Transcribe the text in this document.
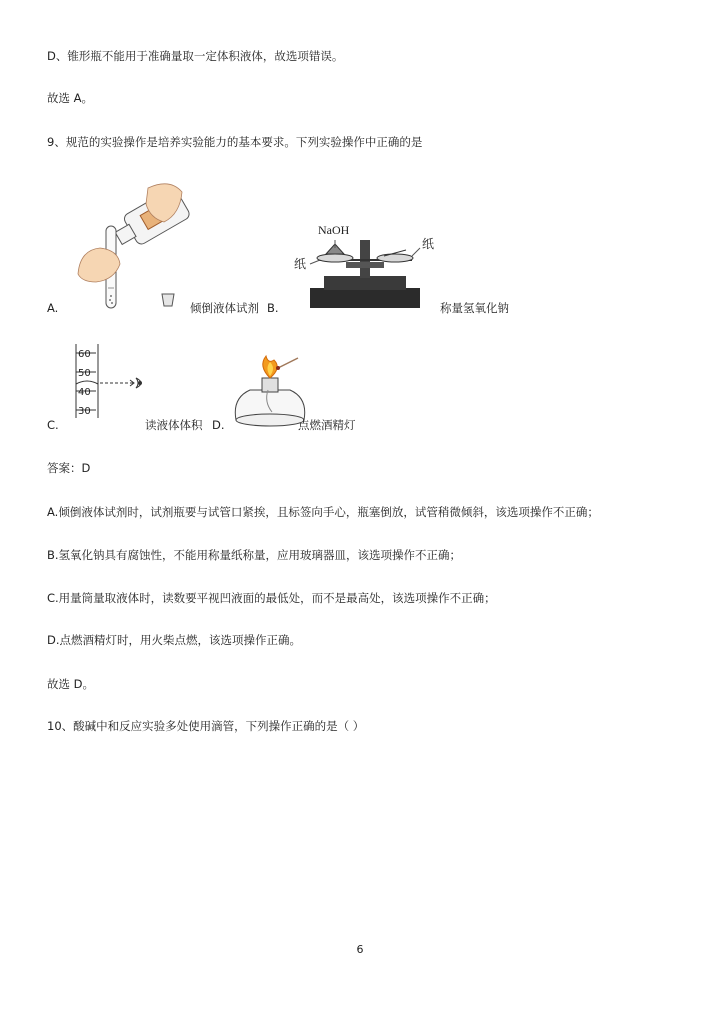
D、锥形瓶不能用于准确量取一定体积液体，故选项错误。
故选 A。
9、规范的实验操作是培养实验能力的基本要求。下列实验操作中正确的是
A.	倾倒液体试剂 B.
NaOH
纸
纸
称量氢氧化钠
C.
60
50
40
30
读液体体积 D.	点燃酒精灯
答案：D
A.倾倒液体试剂时，试剂瓶要与试管口紧挨，且标签向手心，瓶塞倒放，试管稍微倾斜，该选项操作不正确；
B.氢氧化钠具有腐蚀性，不能用称量纸称量，应用玻璃器皿，该选项操作不正确；
C.用量筒量取液体时，读数要平视凹液面的最低处，而不是最高处，该选项操作不正确；
D.点燃酒精灯时，用火柴点燃，该选项操作正确。
故选 D。
10、酸碱中和反应实验多处使用滴管，下列操作正确的是（ ）
6
